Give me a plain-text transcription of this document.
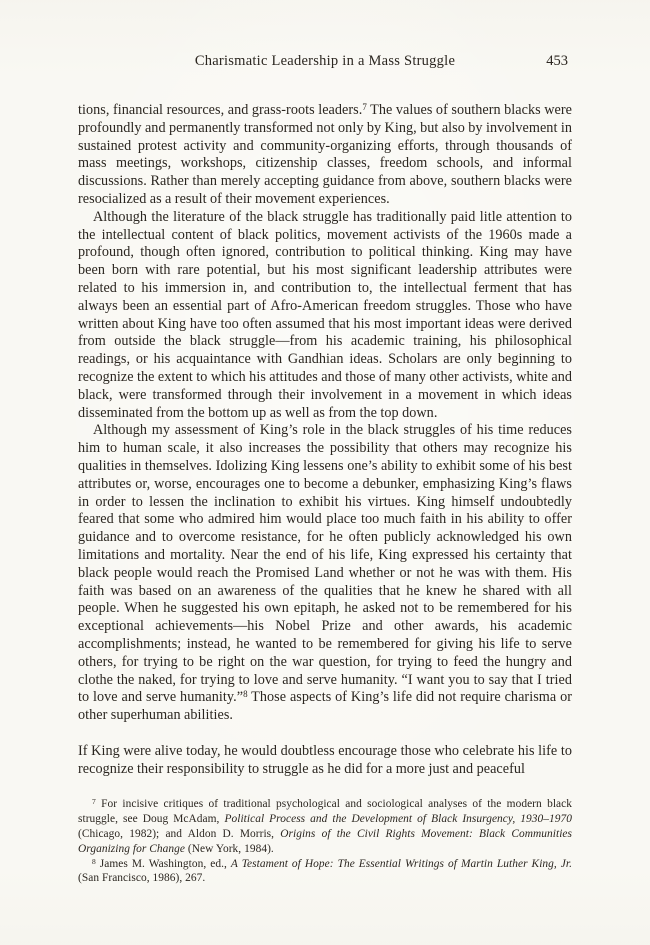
Charismatic Leadership in a Mass Struggle	453

tions, financial resources, and grass-roots leaders.$^7$ The values of southern blacks were profoundly and permanently transformed not only by King, but also by involvement in sustained protest activity and community-organizing efforts, through thousands of mass meetings, workshops, citizenship classes, freedom schools, and informal discussions. Rather than merely accepting guidance from above, southern blacks were resocialized as a result of their movement experiences.

Although the literature of the black struggle has traditionally paid litle attention to the intellectual content of black politics, movement activists of the 1960s made a profound, though often ignored, contribution to political thinking. King may have been born with rare potential, but his most significant leadership attributes were related to his immersion in, and contribution to, the intellectual ferment that has always been an essential part of Afro-American freedom struggles. Those who have written about King have too often assumed that his most important ideas were derived from outside the black struggle—from his academic training, his philosophical readings, or his acquaintance with Gandhian ideas. Scholars are only beginning to recognize the extent to which his attitudes and those of many other activists, white and black, were transformed through their involvement in a movement in which ideas disseminated from the bottom up as well as from the top down.

Although my assessment of King’s role in the black struggles of his time reduces him to human scale, it also increases the possibility that others may recognize his qualities in themselves. Idolizing King lessens one’s ability to exhibit some of his best attributes or, worse, encourages one to become a debunker, emphasizing King’s flaws in order to lessen the inclination to exhibit his virtues. King himself undoubtedly feared that some who admired him would place too much faith in his ability to offer guidance and to overcome resistance, for he often publicly acknowledged his own limitations and mortality. Near the end of his life, King expressed his certainty that black people would reach the Promised Land whether or not he was with them. His faith was based on an awareness of the qualities that he knew he shared with all people. When he suggested his own epitaph, he asked not to be remembered for his exceptional achievements—his Nobel Prize and other awards, his academic accomplishments; instead, he wanted to be remembered for giving his life to serve others, for trying to be right on the war question, for trying to feed the hungry and clothe the naked, for trying to love and serve humanity. “I want you to say that I tried to love and serve humanity.”$^8$ Those aspects of King’s life did not require charisma or other superhuman abilities.

If King were alive today, he would doubtless encourage those who celebrate his life to recognize their responsibility to struggle as he did for a more just and peaceful

$^7$ For incisive critiques of traditional psychological and sociological analyses of the modern black struggle, see Doug McAdam, Political Process and the Development of Black Insurgency, 1930–1970 (Chicago, 1982); and Aldon D. Morris, Origins of the Civil Rights Movement: Black Communities Organizing for Change (New York, 1984).

$^8$ James M. Washington, ed., A Testament of Hope: The Essential Writings of Martin Luther King, Jr. (San Francisco, 1986), 267.
